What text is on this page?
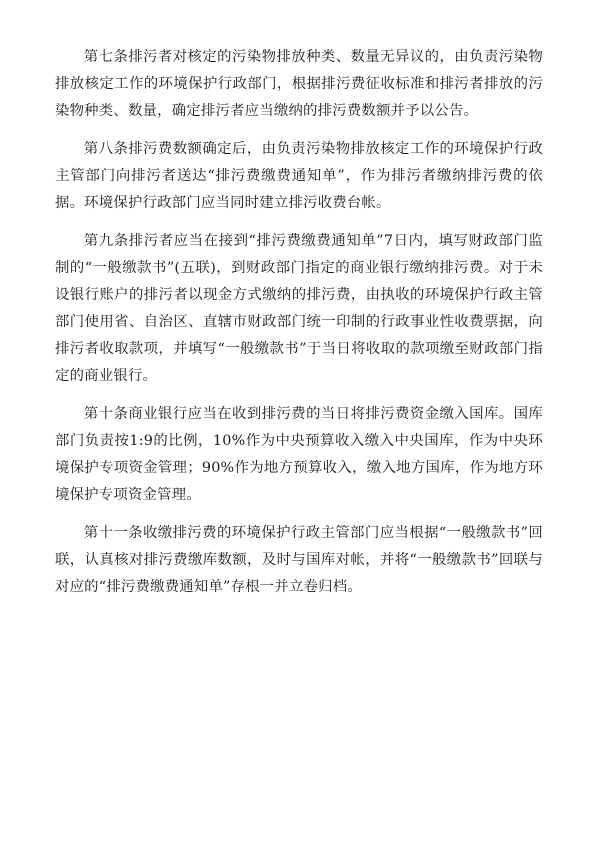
第七条排污者对核定的污染物排放种类、数量无异议的，由负责污染物排放核定工作的环境保护行政部门，根据排污费征收标准和排污者排放的污染物种类、数量，确定排污者应当缴纳的排污费数额并予以公告。

第八条排污费数额确定后，由负责污染物排放核定工作的环境保护行政主管部门向排污者送达“排污费缴费通知单”，作为排污者缴纳排污费的依据。环境保护行政部门应当同时建立排污收费台帐。

第九条排污者应当在接到“排污费缴费通知单”7日内，填写财政部门监制的“一般缴款书”(五联)，到财政部门指定的商业银行缴纳排污费。对于未设银行账户的排污者以现金方式缴纳的排污费，由执收的环境保护行政主管部门使用省、自治区、直辖市财政部门统一印制的行政事业性收费票据，向排污者收取款项，并填写“一般缴款书”于当日将收取的款项缴至财政部门指定的商业银行。

第十条商业银行应当在收到排污费的当日将排污费资金缴入国库。国库部门负责按1:9的比例，10%作为中央预算收入缴入中央国库，作为中央环境保护专项资金管理；90%作为地方预算收入，缴入地方国库，作为地方环境保护专项资金管理。

第十一条收缴排污费的环境保护行政主管部门应当根据“一般缴款书”回联，认真核对排污费缴库数额，及时与国库对帐，并将“一般缴款书”回联与对应的“排污费缴费通知单”存根一并立卷归档。
